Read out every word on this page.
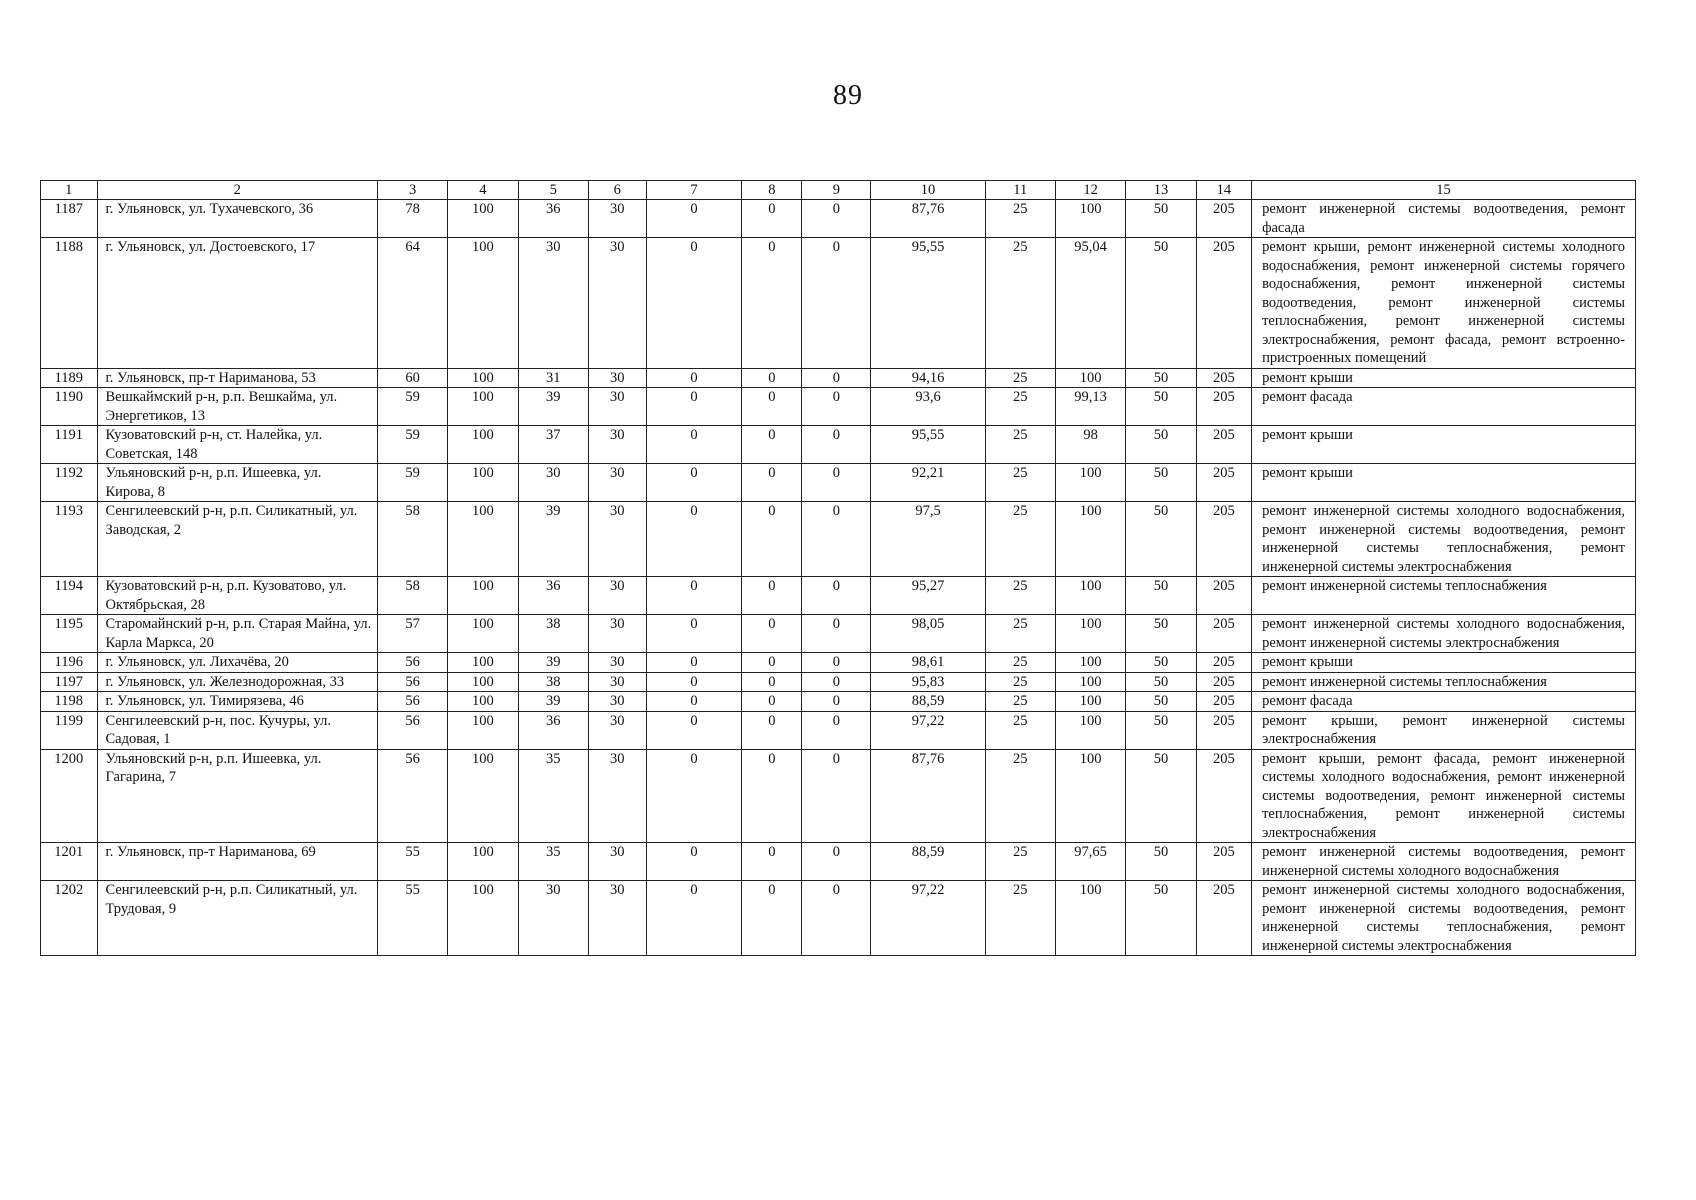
89
1	2	3	4	5	6	7	8	9	10	11	12	13	14	15
1187	г. Ульяновск, ул. Тухачевского, 36	78	100	36	30	0	0	0	87,76	25	100	50	205	ремонт инженерной системы водоотведения, ремонт фасада
1188	г. Ульяновск, ул. Достоевского, 17	64	100	30	30	0	0	0	95,55	25	95,04	50	205	ремонт крыши, ремонт инженерной системы холодного водоснабжения, ремонт инженерной системы горячего водоснабжения, ремонт инженерной системы водоотведения, ремонт инженерной системы теплоснабжения, ремонт инженерной системы электроснабжения, ремонт фасада, ремонт встроенно-пристроенных помещений
1189	г. Ульяновск, пр-т Нариманова, 53	60	100	31	30	0	0	0	94,16	25	100	50	205	ремонт крыши
1190	Вешкаймский р-н, р.п. Вешкайма, ул. Энергетиков, 13	59	100	39	30	0	0	0	93,6	25	99,13	50	205	ремонт фасада
1191	Кузоватовский р-н, ст. Налейка, ул. Советская, 148	59	100	37	30	0	0	0	95,55	25	98	50	205	ремонт крыши
1192	Ульяновский р-н, р.п. Ишеевка, ул. Кирова, 8	59	100	30	30	0	0	0	92,21	25	100	50	205	ремонт крыши
1193	Сенгилеевский р-н, р.п. Силикатный, ул. Заводская, 2	58	100	39	30	0	0	0	97,5	25	100	50	205	ремонт инженерной системы холодного водоснабжения, ремонт инженерной системы водоотведения, ремонт инженерной системы теплоснабжения, ремонт инженерной системы электроснабжения
1194	Кузоватовский р-н, р.п. Кузоватово, ул. Октябрьская, 28	58	100	36	30	0	0	0	95,27	25	100	50	205	ремонт инженерной системы теплоснабжения
1195	Старомайнский р-н, р.п. Старая Майна, ул. Карла Маркса, 20	57	100	38	30	0	0	0	98,05	25	100	50	205	ремонт инженерной системы холодного водоснабжения, ремонт инженерной системы электроснабжения
1196	г. Ульяновск, ул. Лихачёва, 20	56	100	39	30	0	0	0	98,61	25	100	50	205	ремонт крыши
1197	г. Ульяновск, ул. Железнодорожная, 33	56	100	38	30	0	0	0	95,83	25	100	50	205	ремонт инженерной системы теплоснабжения
1198	г. Ульяновск, ул. Тимирязева, 46	56	100	39	30	0	0	0	88,59	25	100	50	205	ремонт фасада
1199	Сенгилеевский р-н, пос. Кучуры, ул. Садовая, 1	56	100	36	30	0	0	0	97,22	25	100	50	205	ремонт крыши, ремонт инженерной системы электроснабжения
1200	Ульяновский р-н, р.п. Ишеевка, ул. Гагарина, 7	56	100	35	30	0	0	0	87,76	25	100	50	205	ремонт крыши, ремонт фасада, ремонт инженерной системы холодного водоснабжения, ремонт инженерной системы водоотведения, ремонт инженерной системы теплоснабжения, ремонт инженерной системы электроснабжения
1201	г. Ульяновск, пр-т Нариманова, 69	55	100	35	30	0	0	0	88,59	25	97,65	50	205	ремонт инженерной системы водоотведения, ремонт инженерной системы холодного водоснабжения
1202	Сенгилеевский р-н, р.п. Силикатный, ул. Трудовая, 9	55	100	30	30	0	0	0	97,22	25	100	50	205	ремонт инженерной системы холодного водоснабжения, ремонт инженерной системы водоотведения, ремонт инженерной системы теплоснабжения, ремонт инженерной системы электроснабжения
